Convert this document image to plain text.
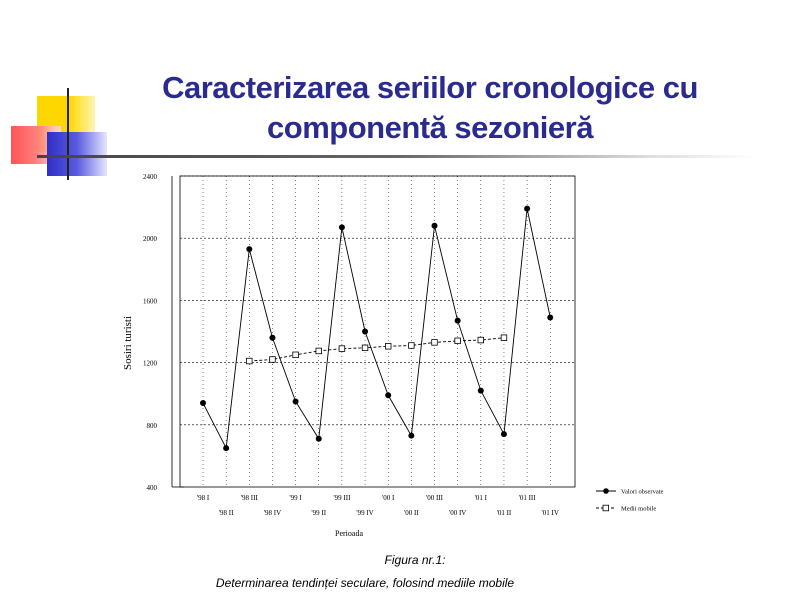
Caracterizarea seriilor cronologice cu componentă sezonieră
400
800
1200
1600
2000
2400
'98 I
'98 II
'98 III
'98 IV
'99 I
'99 II
'99 III
'99 IV
'00 I
'00 II
'00 III
'00 IV
'01 I
'01 II
'01 III
'01 IV
Sosiri turisti
Perioada
Valori observate
Medii mobile
Figura nr.1:
Determinarea tendinței seculare, folosind mediile mobile
